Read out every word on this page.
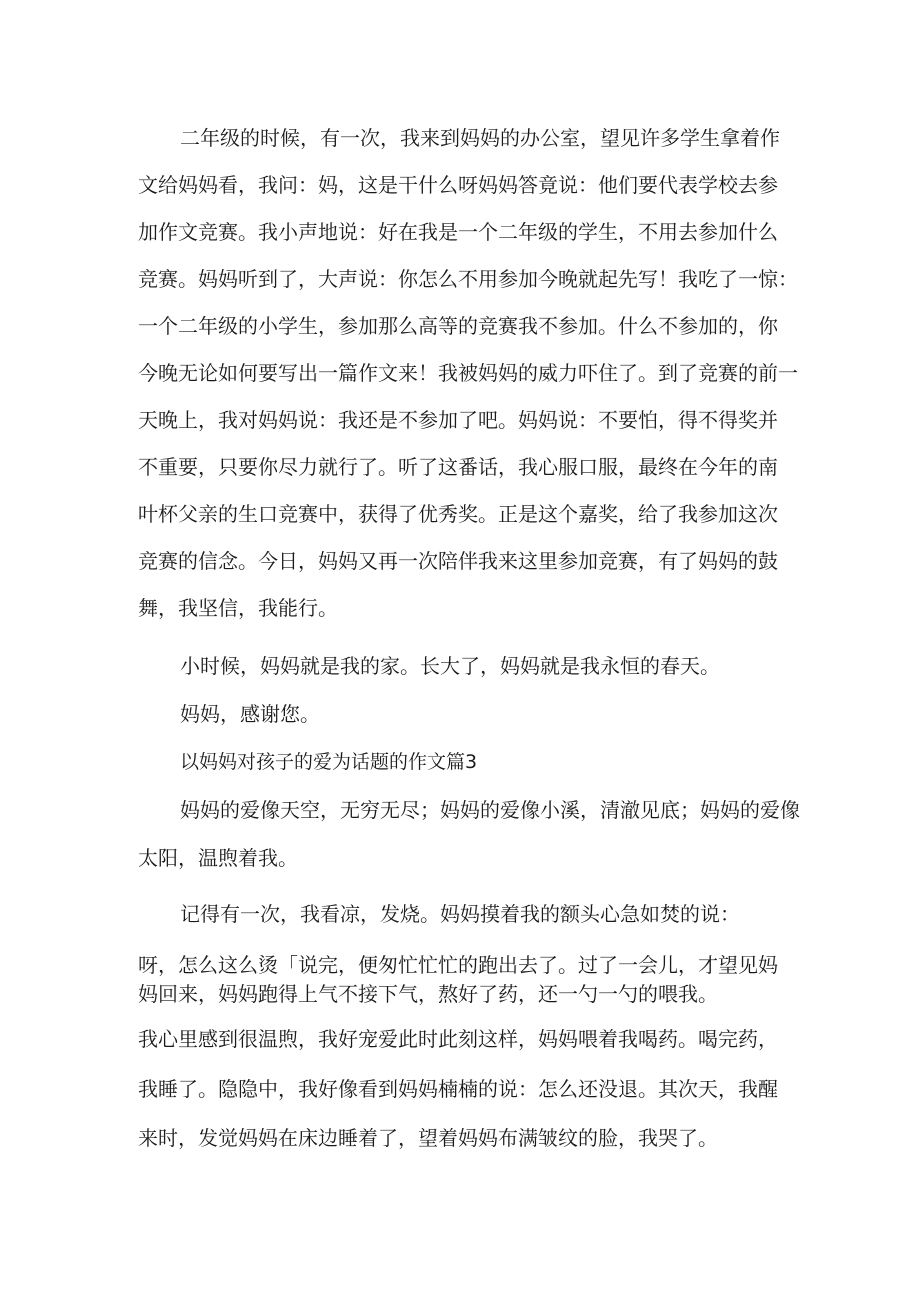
二年级的时候，有一次，我来到妈妈的办公室，望见许多学生拿着作
文给妈妈看，我问：妈，这是干什么呀妈妈答竟说：他们要代表学校去参
加作文竞赛。我小声地说：好在我是一个二年级的学生，不用去参加什么
竞赛。妈妈听到了，大声说：你怎么不用参加今晚就起先写！我吃了一惊：
一个二年级的小学生，参加那么高等的竞赛我不参加。什么不参加的，你
今晚无论如何要写出一篇作文来！我被妈妈的威力吓住了。到了竞赛的前一
天晚上，我对妈妈说：我还是不参加了吧。妈妈说：不要怕，得不得奖并
不重要，只要你尽力就行了。听了这番话，我心服口服，最终在今年的南
叶杯父亲的生口竞赛中，获得了优秀奖。正是这个嘉奖，给了我参加这次
竞赛的信念。今日，妈妈又再一次陪伴我来这里参加竞赛，有了妈妈的鼓
舞，我坚信，我能行。
小时候，妈妈就是我的家。长大了，妈妈就是我永恒的春天。
妈妈，感谢您。
以妈妈对孩子的爱为话题的作文篇3
妈妈的爱像天空，无穷无尽；妈妈的爱像小溪，清澈见底；妈妈的爱像
太阳，温煦着我。
记得有一次，我看凉，发烧。妈妈摸着我的额头心急如焚的说：
呀，怎么这么烫「说完，便匆忙忙忙的跑出去了。过了一会儿，才望见妈
妈回来，妈妈跑得上气不接下气，熬好了药，还一勺一勺的喂我。
我心里感到很温煦，我好宠爱此时此刻这样，妈妈喂着我喝药。喝完药，
我睡了。隐隐中，我好像看到妈妈楠楠的说：怎么还没退。其次天，我醒
来时，发觉妈妈在床边睡着了，望着妈妈布满皱纹的脸，我哭了。
